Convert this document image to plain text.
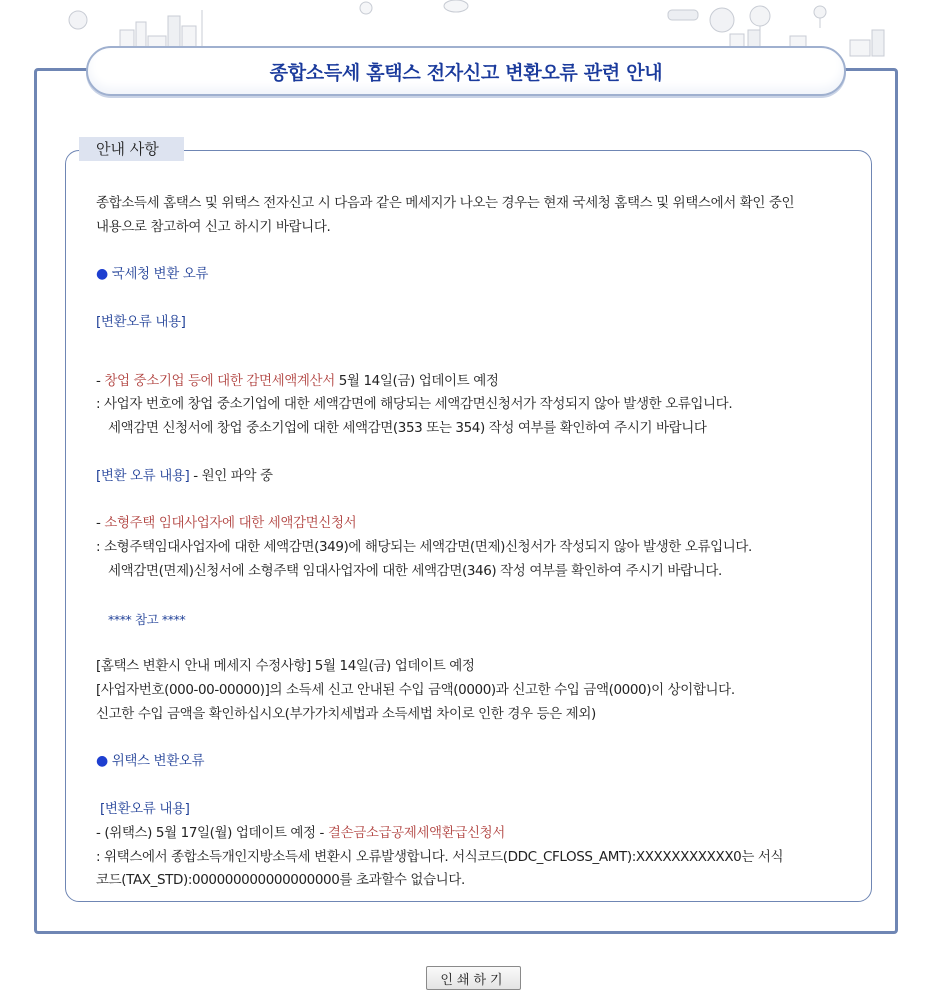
종합소득세 홈택스 전자신고 변환오류 관련 안내
안내 사항

종합소득세 홈택스 및 위택스 전자신고 시 다음과 같은 메세지가 나오는 경우는 현재 국세청 홈택스 및 위택스에서 확인 중인

내용으로 참고하여 신고 하시기 바랍니다.

● 국세청 변환 오류

[변환오류 내용]

- 창업 중소기업 등에 대한 감면세액계산서 5월 14일(금) 업데이트 예정

: 사업자 번호에 창업 중소기업에 대한 세액감면에 해당되는 세액감면신청서가 작성되지 않아 발생한 오류입니다.

세액감면 신청서에 창업 중소기업에 대한 세액감면(353 또는 354) 작성 여부를 확인하여 주시기 바랍니다

[변환 오류 내용] - 원인 파악 중

- 소형주택 임대사업자에 대한 세액감면신청서

: 소형주택임대사업자에 대한 세액감면(349)에 해당되는 세액감면(면제)신청서가 작성되지 않아 발생한 오류입니다.

세액감면(면제)신청서에 소형주택 임대사업자에 대한 세액감면(346) 작성 여부를 확인하여 주시기 바랍니다.

**** 참고 ****

[홈택스 변환시 안내 메세지 수정사항] 5월 14일(금) 업데이트 예정

[사업자번호(000-00-00000)]의 소득세 신고 안내된 수입 금액(0000)과 신고한 수입 금액(0000)이 상이합니다.

신고한 수입 금액을 확인하십시오(부가가치세법과 소득세법 차이로 인한 경우 등은 제외)

● 위택스 변환오류

[변환오류 내용]

- (위택스) 5월 17일(월) 업데이트 예정 - 결손금소급공제세액환급신청서

: 위택스에서 종합소득개인지방소득세 변환시 오류발생합니다. 서식코드(DDC_CFLOSS_AMT):XXXXXXXXXXX0는 서식

코드(TAX_STD):000000000000000000를 초과할수 없습니다.

인쇄하기
